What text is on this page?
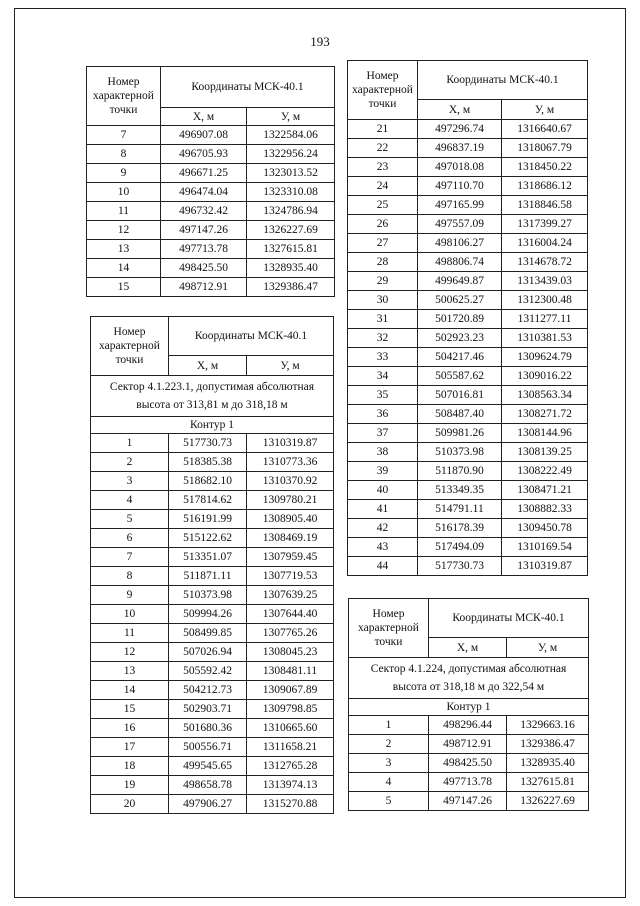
193
Номер характерной точки	Координаты МСК-40.1	
	Х, м	У, м
7	496907.08	1322584.06
8	496705.93	1322956.24
9	496671.25	1323013.52
10	496474.04	1323310.08
11	496732.42	1324786.94
12	497147.26	1326227.69
13	497713.78	1327615.81
14	498425.50	1328935.40
15	498712.91	1329386.47
Номер характерной точки	Координаты МСК-40.1	
	Х, м	У, м
Сектор 4.1.223.1, допустимая абсолютная высота от 313,81 м до 318,18 м		
Контур 1		
1	517730.73	1310319.87
2	518385.38	1310773.36
3	518682.10	1310370.92
4	517814.62	1309780.21
5	516191.99	1308905.40
6	515122.62	1308469.19
7	513351.07	1307959.45
8	511871.11	1307719.53
9	510373.98	1307639.25
10	509994.26	1307644.40
11	508499.85	1307765.26
12	507026.94	1308045.23
13	505592.42	1308481.11
14	504212.73	1309067.89
15	502903.71	1309798.85
16	501680.36	1310665.60
17	500556.71	1311658.21
18	499545.65	1312765.28
19	498658.78	1313974.13
20	497906.27	1315270.88
Номер характерной точки	Координаты МСК-40.1	
	Х, м	У, м
21	497296.74	1316640.67
22	496837.19	1318067.79
23	497018.08	1318450.22
24	497110.70	1318686.12
25	497165.99	1318846.58
26	497557.09	1317399.27
27	498106.27	1316004.24
28	498806.74	1314678.72
29	499649.87	1313439.03
30	500625.27	1312300.48
31	501720.89	1311277.11
32	502923.23	1310381.53
33	504217.46	1309624.79
34	505587.62	1309016.22
35	507016.81	1308563.34
36	508487.40	1308271.72
37	509981.26	1308144.96
38	510373.98	1308139.25
39	511870.90	1308222.49
40	513349.35	1308471.21
41	514791.11	1308882.33
42	516178.39	1309450.78
43	517494.09	1310169.54
44	517730.73	1310319.87
Номер характерной точки	Координаты МСК-40.1	
	Х, м	У, м
Сектор 4.1.224, допустимая абсолютная высота от 318,18 м до 322,54 м		
Контур 1		
1	498296.44	1329663.16
2	498712.91	1329386.47
3	498425.50	1328935.40
4	497713.78	1327615.81
5	497147.26	1326227.69
